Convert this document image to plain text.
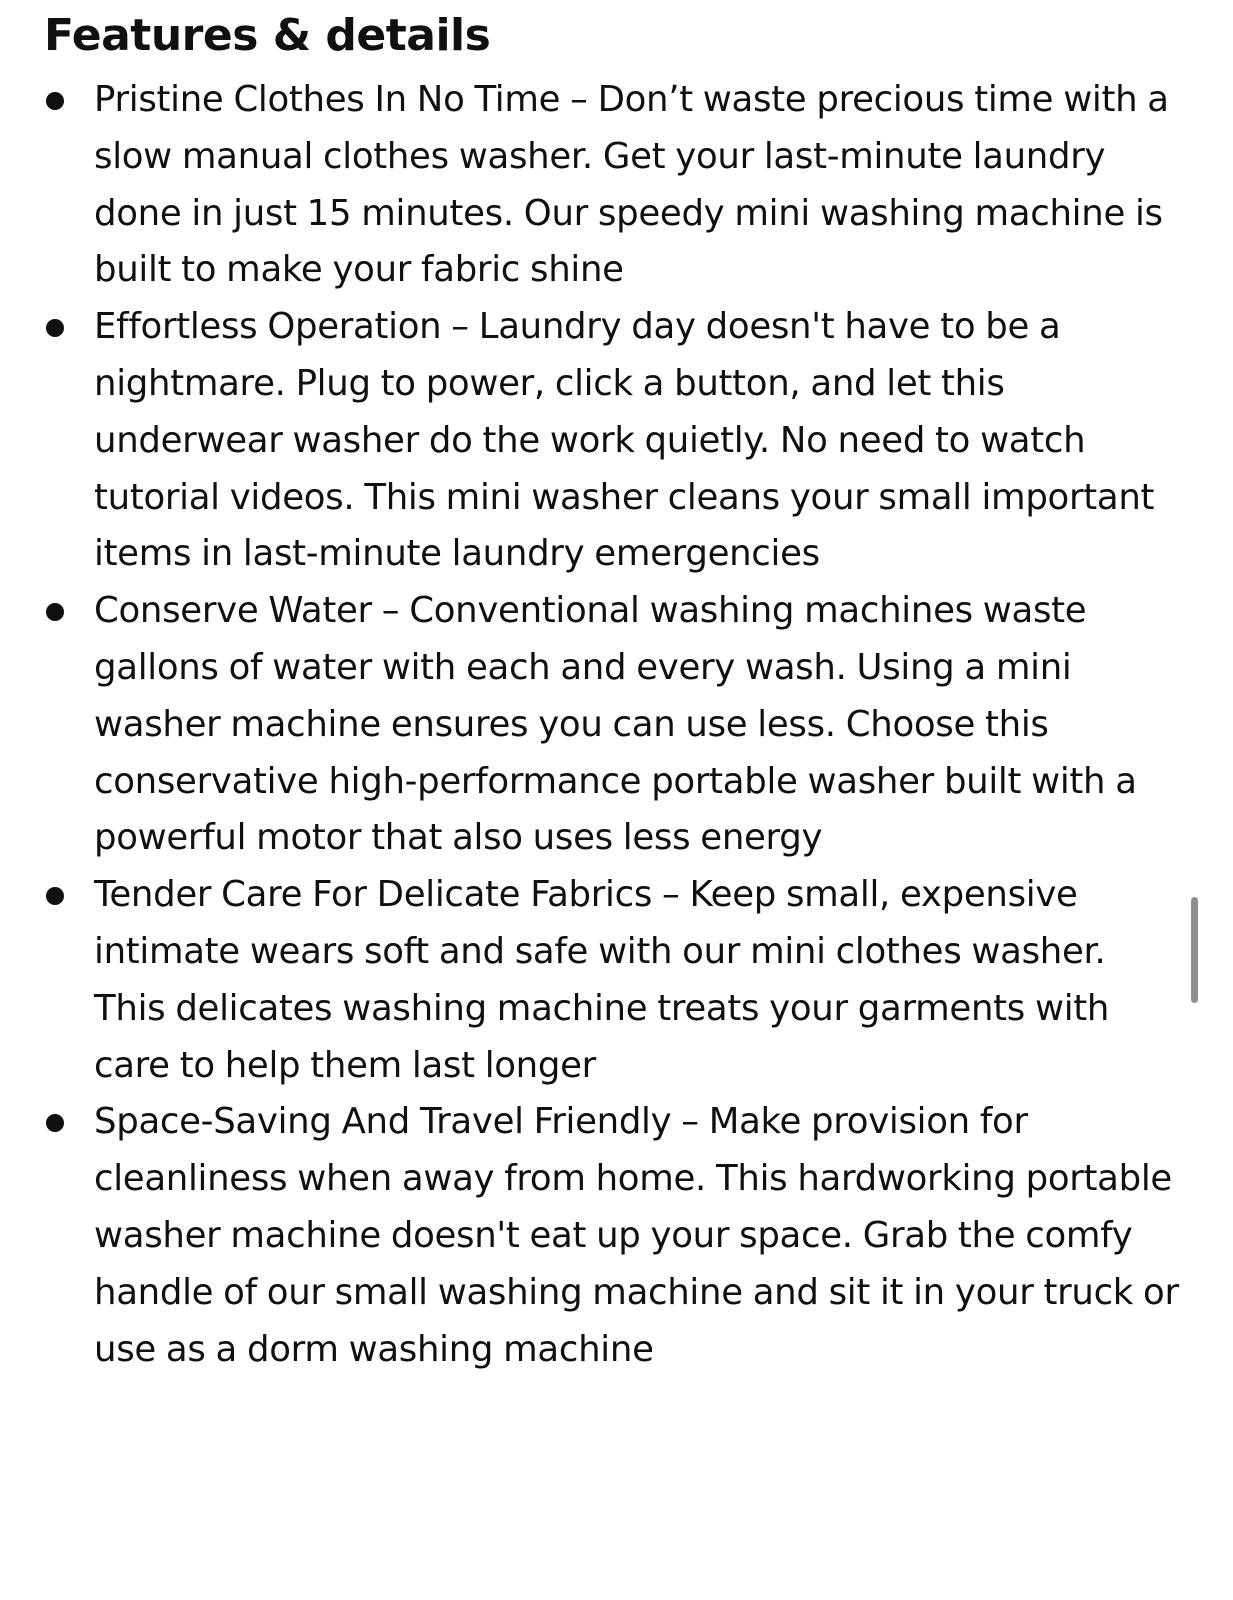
Features & details
Pristine Clothes In No Time – Don’t waste precious time with a slow manual clothes washer. Get your last-minute laundry done in just 15 minutes. Our speedy mini washing machine is built to make your fabric shine
Effortless Operation – Laundry day doesn't have to be a nightmare. Plug to power, click a button, and let this underwear washer do the work quietly. No need to watch tutorial videos. This mini washer cleans your small important items in last-minute laundry emergencies
Conserve Water – Conventional washing machines waste gallons of water with each and every wash. Using a mini washer machine ensures you can use less. Choose this conservative high-performance portable washer built with a powerful motor that also uses less energy
Tender Care For Delicate Fabrics – Keep small, expensive intimate wears soft and safe with our mini clothes washer. This delicates washing machine treats your garments with care to help them last longer
Space-Saving And Travel Friendly – Make provision for cleanliness when away from home. This hardworking portable washer machine doesn't eat up your space. Grab the comfy handle of our small washing machine and sit it in your truck or use as a dorm washing machine
